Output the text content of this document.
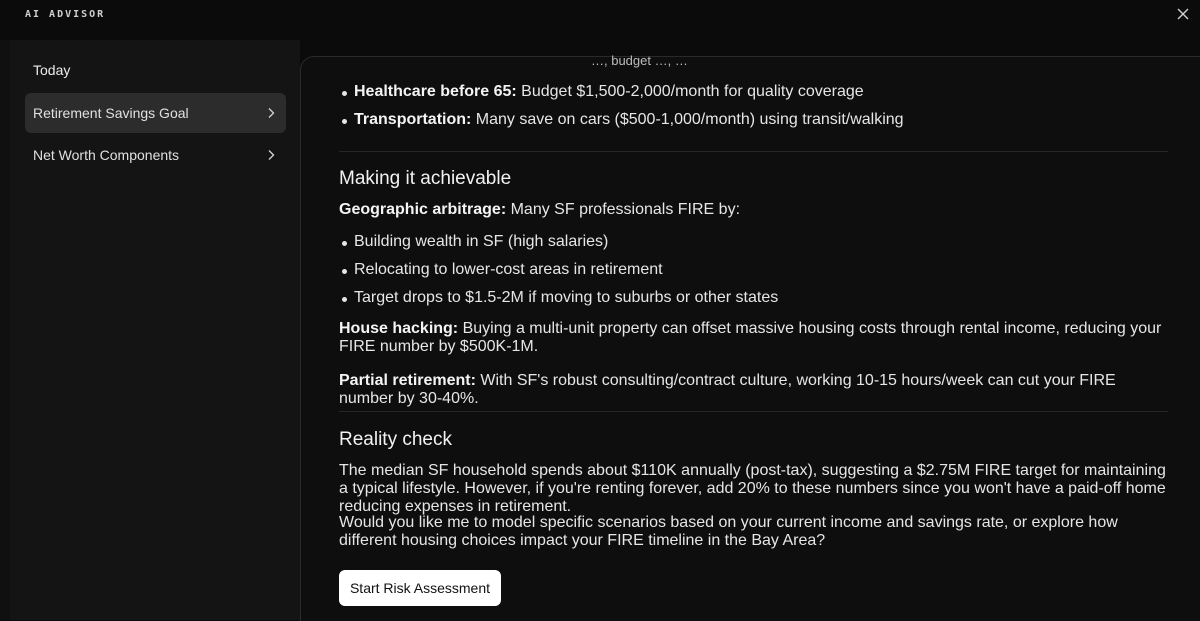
AI ADVISOR
Today
Retirement Savings Goal
Net Worth Components
…, budget …, …
Healthcare before 65: Budget $1,500-2,000/month for quality coverage
Transportation: Many save on cars ($500-1,000/month) using transit/walking
Making it achievable
Geographic arbitrage: Many SF professionals FIRE by:
Building wealth in SF (high salaries)
Relocating to lower-cost areas in retirement
Target drops to $1.5-2M if moving to suburbs or other states
House hacking: Buying a multi-unit property can offset massive housing costs through rental income, reducing your FIRE number by $500K-1M.
Partial retirement: With SF's robust consulting/contract culture, working 10-15 hours/week can cut your FIRE number by 30-40%.
Reality check
The median SF household spends about $110K annually (post-tax), suggesting a $2.75M FIRE target for maintaining a typical lifestyle. However, if you're renting forever, add 20% to these numbers since you won't have a paid-off home reducing expenses in retirement.
Would you like me to model specific scenarios based on your current income and savings rate, or explore how different housing choices impact your FIRE timeline in the Bay Area?
Start Risk Assessment
